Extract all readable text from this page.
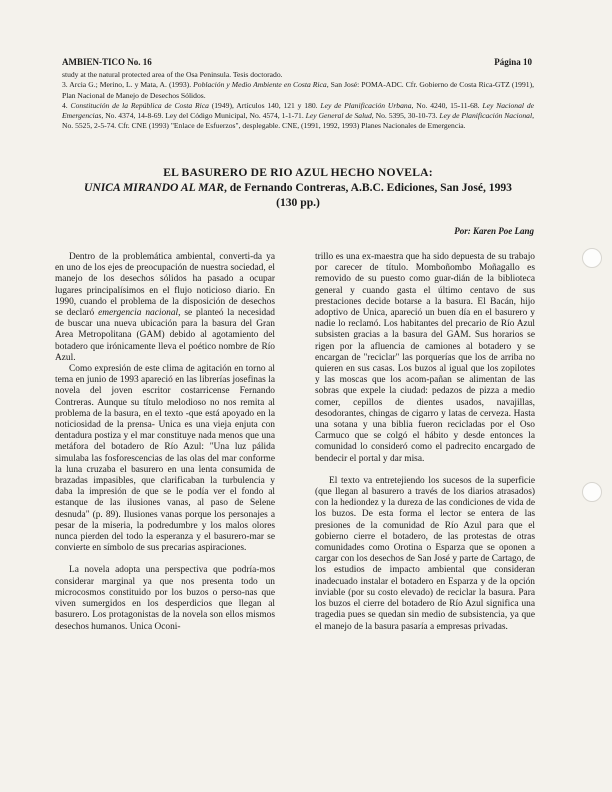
AMBIEN-TICO No. 16	Página 10

study at the natural protected area of the Osa Peninsula. Tesis doctorado.

3. Arcia G.; Merino, L. y Mata, A. (1993). Población y Medio Ambiente en Costa Rica, San José: POMA-ADC. Cfr. Gobierno de Costa Rica-GTZ (1991), Plan Nacional de Manejo de Desechos Sólidos.

4. Constitución de la República de Costa Rica (1949), Artículos 140, 121 y 180. Ley de Planificación Urbana, No. 4240, 15-11-68. Ley Nacional de Emergencias, No. 4374, 14-8-69. Ley del Código Municipal, No. 4574, 1-1-71. Ley General de Salud, No. 5395, 30-10-73. Ley de Planificación Nacional, No. 5525, 2-5-74. Cfr. CNE (1993) "Enlace de Esfuerzos", desplegable. CNE, (1991, 1992, 1993) Planes Nacionales de Emergencia.

EL BASURERO DE RIO AZUL HECHO NOVELA:
UNICA MIRANDO AL MAR, de Fernando Contreras, A.B.C. Ediciones, San José, 1993
(130 pp.)
Por: Karen Poe Lang

Dentro de la problemática ambiental, converti-da ya en uno de los ejes de preocupación de nuestra sociedad, el manejo de los desechos sólidos ha pasado a ocupar lugares principalísimos en el flujo noticioso diario. En 1990, cuando el problema de la disposición de desechos se declaró emergencia nacional, se planteó la necesidad de buscar una nueva ubicación para la basura del Gran Area Metropolitana (GAM) debido al agotamiento del botadero que irónicamente lleva el poético nombre de Río Azul.

Como expresión de este clima de agitación en torno al tema en junio de 1993 apareció en las librerías josefinas la novela del joven escritor costarricense Fernando Contreras. Aunque su título melodioso no nos remita al problema de la basura, en el texto -que está apoyado en la noticiosidad de la prensa- Unica es una vieja enjuta con dentadura postiza y el mar constituye nada menos que una metáfora del botadero de Río Azul: "Una luz pálida simulaba las fosforescencias de las olas del mar conforme la luna cruzaba el basurero en una lenta consumida de brazadas impasibles, que clarificaban la turbulencia y daba la impresión de que se le podía ver el fondo al estanque de las ilusiones vanas, al paso de Selene desnuda" (p. 89). Ilusiones vanas porque los personajes a pesar de la miseria, la podredumbre y los malos olores nunca pierden del todo la esperanza y el basurero-mar se convierte en símbolo de sus precarias aspiraciones.

La novela adopta una perspectiva que podría-mos considerar marginal ya que nos presenta todo un microcosmos constituido por los buzos o perso-nas que viven sumergidos en los desperdicios que llegan al basurero. Los protagonistas de la novela son ellos mismos desechos humanos. Unica Oconi-

trillo es una ex-maestra que ha sido depuesta de su trabajo por carecer de título. Momboñombo Moñagallo es removido de su puesto como guar-dián de la biblioteca general y cuando gasta el último centavo de sus prestaciones decide botarse a la basura. El Bacán, hijo adoptivo de Unica, apareció un buen día en el basurero y nadie lo reclamó. Los habitantes del precario de Río Azul subsisten gracias a la basura del GAM. Sus horarios se rigen por la afluencia de camiones al botadero y se encargan de "reciclar" las porquerías que los de arriba no quieren en sus casas. Los buzos al igual que los zopilotes y las moscas que los acom-pañan se alimentan de las sobras que expele la ciudad: pedazos de pizza a medio comer, cepillos de dientes usados, navajillas, desodorantes, chingas de cigarro y latas de cerveza. Hasta una sotana y una biblia fueron recicladas por el Oso Carmuco que se colgó el hábito y desde entonces la comunidad lo consideró como el padrecito encargado de bendecir el portal y dar misa.

El texto va entretejiendo los sucesos de la superficie (que llegan al basurero a través de los diarios atrasados) con la hediondez y la dureza de las condiciones de vida de los buzos. De esta forma el lector se entera de las presiones de la comunidad de Río Azul para que el gobierno cierre el botadero, de las protestas de otras comunidades como Orotina o Esparza que se oponen a cargar con los desechos de San José y parte de Cartago, de los estudios de impacto ambiental que consideran inadecuado instalar el botadero en Esparza y de la opción inviable (por su costo elevado) de reciclar la basura. Para los buzos el cierre del botadero de Río Azul significa una tragedia pues se quedan sin medio de subsistencia, ya que el manejo de la basura pasaría a empresas privadas.
